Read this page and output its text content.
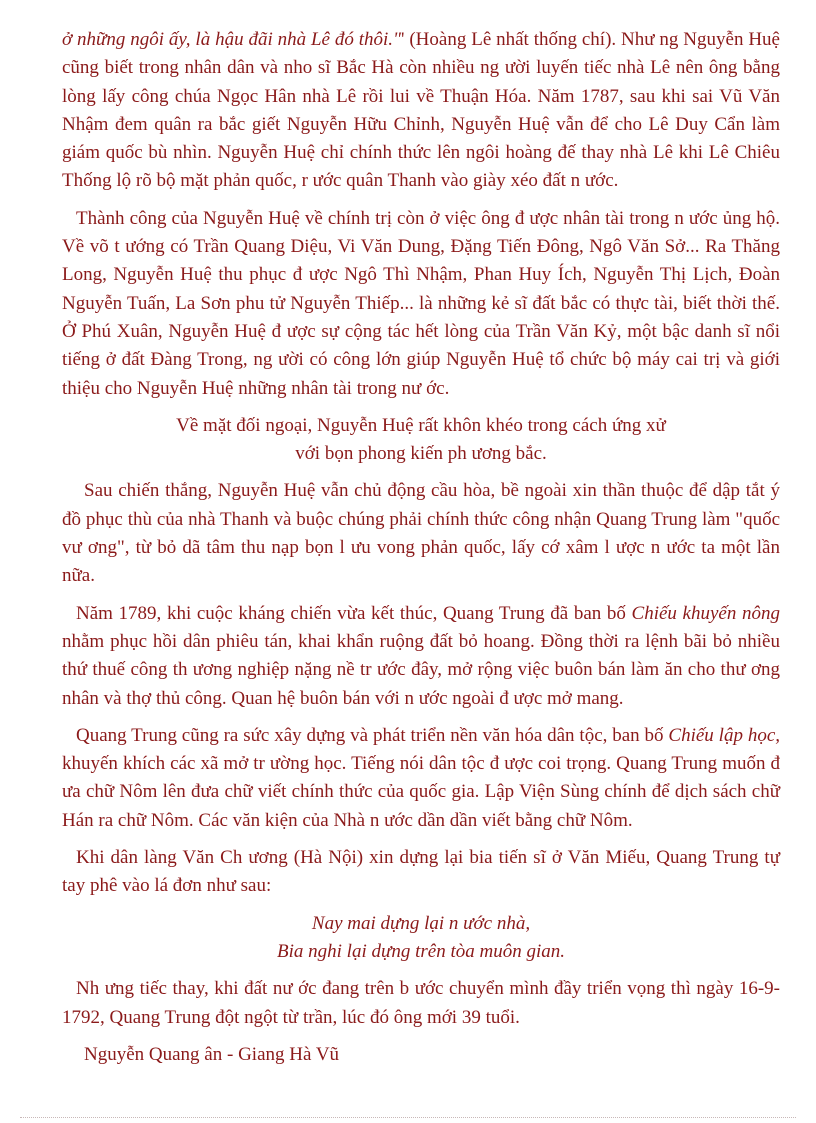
ở những ngôi ấy, là hậu đãi nhà Lê đó thôi."' (Hoàng Lê nhất thống chí). Như ng Nguyễn Huệ cũng biết trong nhân dân và nho sĩ Bắc Hà còn nhiều ng ười luyến tiếc nhà Lê nên ông bằng lòng lấy công chúa Ngọc Hân nhà Lê rồi lui về Thuận Hóa. Năm 1787, sau khi sai Vũ Văn Nhậm đem quân ra bắc giết Nguyễn Hữu Chỉnh, Nguyễn Huệ vẫn để cho Lê Duy Cẩn làm giám quốc bù nhìn. Nguyễn Huệ chỉ chính thức lên ngôi hoàng đế thay nhà Lê khi Lê Chiêu Thống lộ rõ bộ mặt phản quốc, r ước quân Thanh vào giày xéo đất n ước.

Thành công của Nguyễn Huệ về chính trị còn ở việc ông đ ược nhân tài trong n ước ủng hộ. Về võ t ướng có Trần Quang Diệu, Vi Văn Dung, Đặng Tiến Đông, Ngô Văn Sở... Ra Thăng Long, Nguyễn Huệ thu phục đ ược Ngô Thì Nhậm, Phan Huy Ích, Nguyễn Thị Lịch, Đoàn Nguyễn Tuấn, La Sơn phu tử Nguyễn Thiếp... là những kẻ sĩ đất bắc có thực tài, biết thời thế. Ở Phú Xuân, Nguyễn Huệ đ ược sự cộng tác hết lòng của Trần Văn Kỷ, một bậc danh sĩ nổi tiếng ở đất Đàng Trong, ng ười có công lớn giúp Nguyễn Huệ tổ chức bộ máy cai trị và giới thiệu cho Nguyễn Huệ những nhân tài trong nư ớc.

Về mặt đối ngoại, Nguyễn Huệ rất khôn khéo trong cách ứng xử

với bọn phong kiến ph ương bắc.

Sau chiến thắng, Nguyễn Huệ vẫn chủ động cầu hòa, bề ngoài xin thần thuộc để dập tắt ý đồ phục thù của nhà Thanh và buộc chúng phải chính thức công nhận Quang Trung làm "quốc vư ơng", từ bỏ dã tâm thu nạp bọn l ưu vong phản quốc, lấy cớ xâm l ược n ước ta một lần nữa.

Năm 1789, khi cuộc kháng chiến vừa kết thúc, Quang Trung đã ban bố Chiếu khuyến nông nhằm phục hồi dân phiêu tán, khai khẩn ruộng đất bỏ hoang. Đồng thời ra lệnh bãi bỏ nhiều thứ thuế công th ương nghiệp nặng nề tr ước đây, mở rộng việc buôn bán làm ăn cho thư ơng nhân và thợ thủ công. Quan hệ buôn bán với n ước ngoài đ ược mở mang.

Quang Trung cũng ra sức xây dựng và phát triển nền văn hóa dân tộc, ban bố Chiếu lập học, khuyến khích các xã mở tr ường học. Tiếng nói dân tộc đ ược coi trọng. Quang Trung muốn đ ưa chữ Nôm lên đưa chữ viết chính thức của quốc gia. Lập Viện Sùng chính để dịch sách chữ Hán ra chữ Nôm. Các văn kiện của Nhà n ước dần dần viết bằng chữ Nôm.

Khi dân làng Văn Ch ương (Hà Nội) xin dựng lại bia tiến sĩ ở Văn Miếu, Quang Trung tự tay phê vào lá đơn như sau:

Nay mai dựng lại n ước nhà,

Bia nghi lại dựng trên tòa muôn gian.

Nh ưng tiếc thay, khi đất nư ớc đang trên b ước chuyển mình đầy triển vọng thì ngày 16-9-1792, Quang Trung đột ngột từ trần, lúc đó ông mới 39 tuổi.

Nguyễn Quang ân - Giang Hà Vũ
